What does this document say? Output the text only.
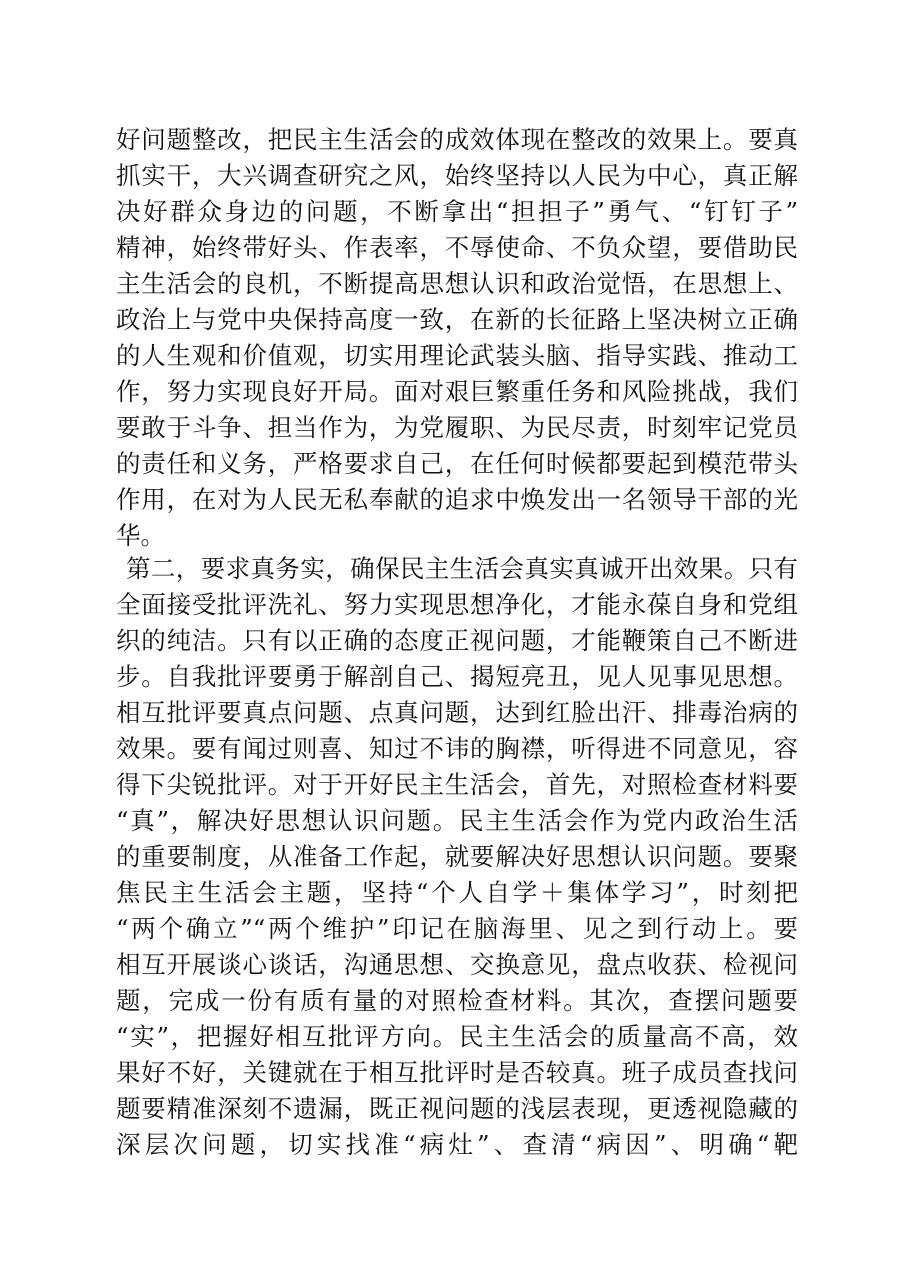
好问题整改，把民主生活会的成效体现在整改的效果上。要真
抓实干，大兴调查研究之风，始终坚持以人民为中心，真正解
决好群众身边的问题，不断拿出“担担子”勇气、“钉钉子”
精神，始终带好头、作表率，不辱使命、不负众望，要借助民
主生活会的良机，不断提高思想认识和政治觉悟，在思想上、
政治上与党中央保持高度一致，在新的长征路上坚决树立正确
的人生观和价值观，切实用理论武装头脑、指导实践、推动工
作，努力实现良好开局。面对艰巨繁重任务和风险挑战，我们
要敢于斗争、担当作为，为党履职、为民尽责，时刻牢记党员
的责任和义务，严格要求自己，在任何时候都要起到模范带头
作用，在对为人民无私奉献的追求中焕发出一名领导干部的光
华。
第二，要求真务实，确保民主生活会真实真诚开出效果。只有
全面接受批评洗礼、努力实现思想净化，才能永葆自身和党组
织的纯洁。只有以正确的态度正视问题，才能鞭策自己不断进
步。自我批评要勇于解剖自己、揭短亮丑，见人见事见思想。
相互批评要真点问题、点真问题，达到红脸出汗、排毒治病的
效果。要有闻过则喜、知过不讳的胸襟，听得进不同意见，容
得下尖锐批评。对于开好民主生活会，首先，对照检查材料要
“真”，解决好思想认识问题。民主生活会作为党内政治生活
的重要制度，从准备工作起，就要解决好思想认识问题。要聚
焦民主生活会主题，坚持“个人自学＋集体学习”，时刻把
“两个确立”“两个维护”印记在脑海里、见之到行动上。要
相互开展谈心谈话，沟通思想、交换意见，盘点收获、检视问
题，完成一份有质有量的对照检查材料。其次，查摆问题要
“实”，把握好相互批评方向。民主生活会的质量高不高，效
果好不好，关键就在于相互批评时是否较真。班子成员查找问
题要精准深刻不遗漏，既正视问题的浅层表现，更透视隐藏的
深层次问题，切实找准“病灶”、查清“病因”、明确“靶
